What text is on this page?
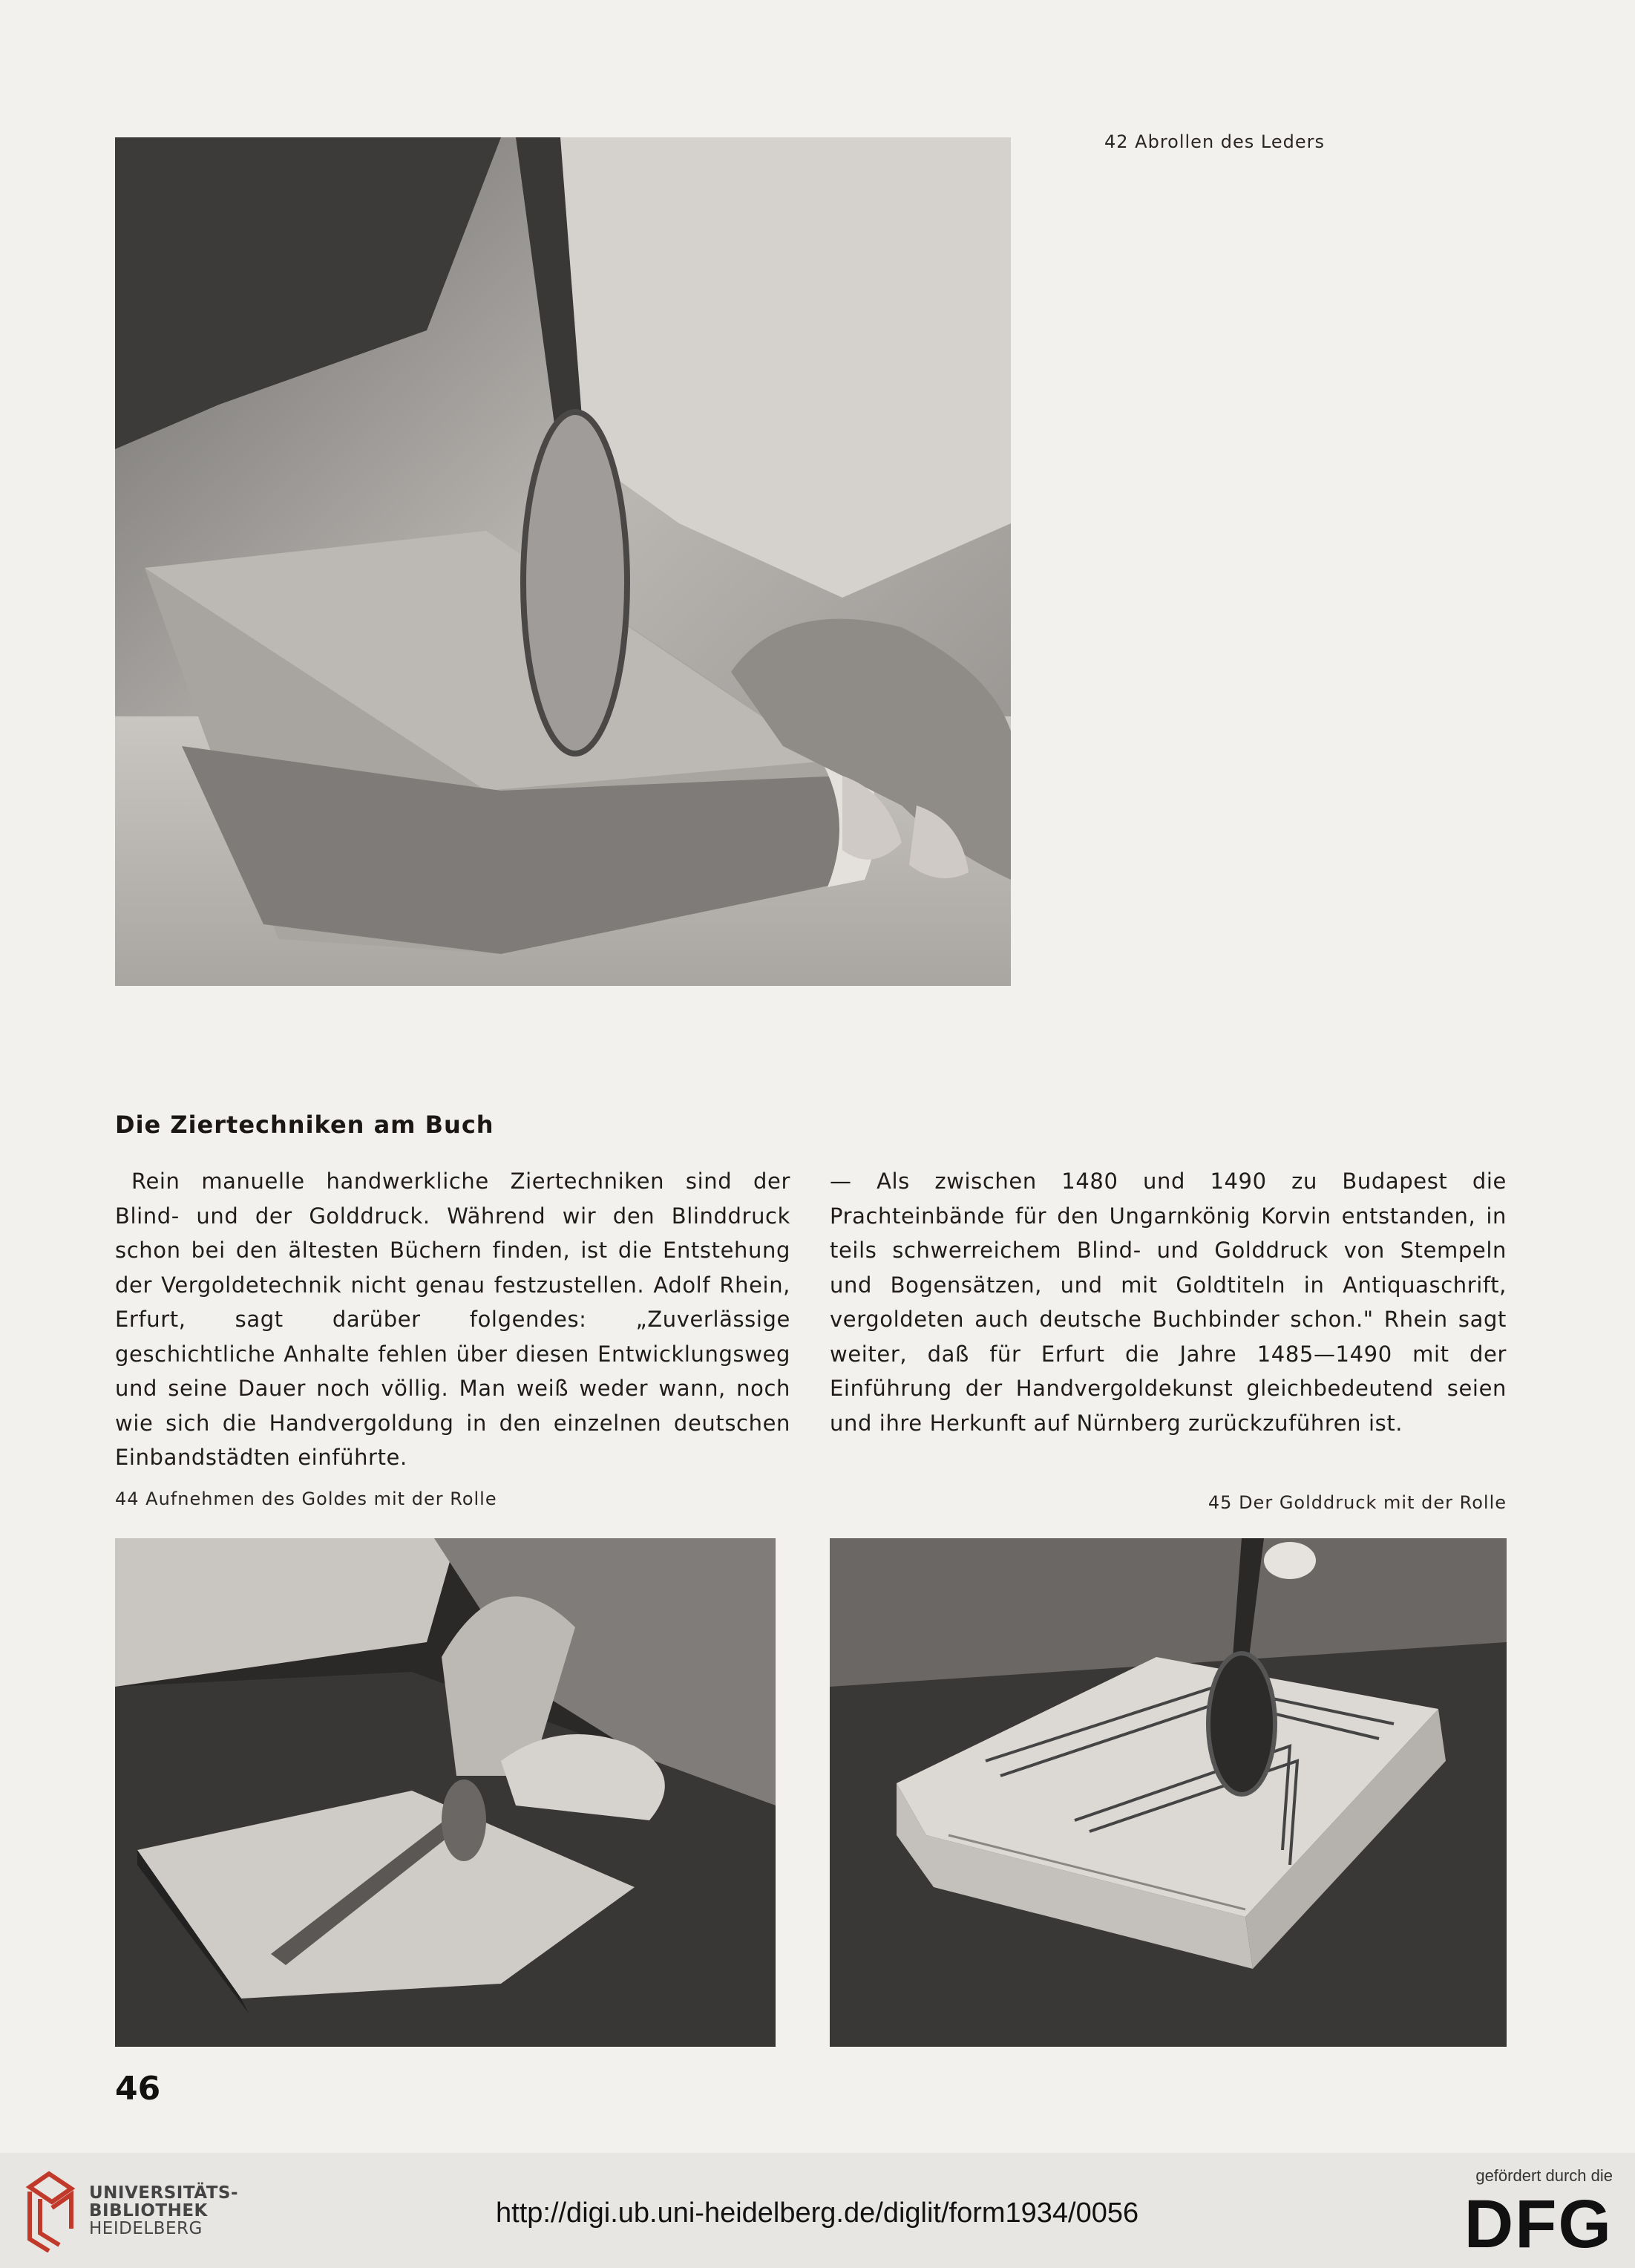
42 Abrollen des Leders
Die Ziertechniken am Buch

Rein manuelle handwerkliche Ziertechniken sind der Blind- und der Golddruck. Während wir den Blinddruck schon bei den ältesten Büchern finden, ist die Entstehung der Vergoldetechnik nicht genau festzustellen. Adolf Rhein, Erfurt, sagt darüber folgendes: „Zuverlässige geschichtliche Anhalte fehlen über diesen Entwicklungsweg und seine Dauer noch völlig. Man weiß weder wann, noch wie sich die Handvergoldung in den einzelnen deutschen Einbandstädten einführte.

— Als zwischen 1480 und 1490 zu Budapest die Prachteinbände für den Ungarnkönig Korvin entstanden, in teils schwerreichem Blind- und Golddruck von Stempeln und Bogensätzen, und mit Goldtiteln in Antiquaschrift, vergoldeten auch deutsche Buchbinder schon." Rhein sagt weiter, daß für Erfurt die Jahre 1485—1490 mit der Einführung der Handvergoldekunst gleichbedeutend seien und ihre Herkunft auf Nürnberg zurückzuführen ist.

44 Aufnehmen des Goldes mit der Rolle	45 Der Golddruck mit der Rolle
46
UNIVERSITÄTS-
BIBLIOTHEK
HEIDELBERG	http://digi.ub.uni-heidelberg.de/diglit/form1934/0056
gefördert durch die
DFG
